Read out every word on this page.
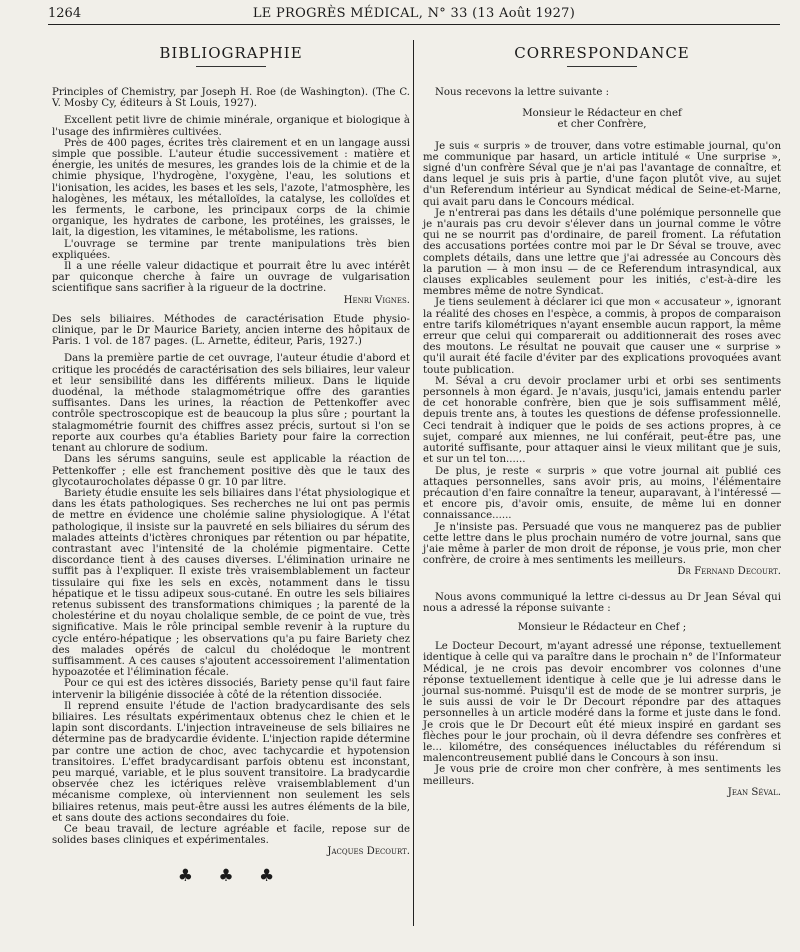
1264	LE PROGRÈS MÉDICAL, N° 33 (13 Août 1927)
BIBLIOGRAPHIE

Principles of Chemistry, par Joseph H. Roe (de Washington). (The C. V. Mosby Cy, éditeurs à St Louis, 1927).

Excellent petit livre de chimie minérale, organique et biologique à l'usage des infirmières cultivées.

Près de 400 pages, écrites très clairement et en un langage aussi simple que possible. L'auteur étudie successivement : matière et énergie, les unités de mesures, les grandes lois de la chimie et de la chimie physique, l'hydrogène, l'oxygène, l'eau, les solutions et l'ionisation, les acides, les bases et les sels, l'azote, l'atmosphère, les halogènes, les métaux, les métalloïdes, la catalyse, les colloïdes et les ferments, le carbone, les principaux corps de la chimie organique, les hydrates de carbone, les protéines, les graisses, le lait, la digestion, les vitamines, le métabolisme, les rations.

L'ouvrage se termine par trente manipulations très bien expliquées.

Il a une réelle valeur didactique et pourrait être lu avec intérêt par quiconque cherche à faire un ouvrage de vulgarisation scientifique sans sacrifier à la rigueur de la doctrine.

Henri Vignes.

Des sels biliaires. Méthodes de caractérisation Etude physio-clinique, par le Dr Maurice Bariety, ancien interne des hôpitaux de Paris. 1 vol. de 187 pages. (L. Arnette, éditeur, Paris, 1927.)

Dans la première partie de cet ouvrage, l'auteur étudie d'abord et critique les procédés de caractérisation des sels biliaires, leur valeur et leur sensibilité dans les différents milieux. Dans le liquide duodénal, la méthode stalagmométrique offre des garanties suffisantes. Dans les urines, la réaction de Pettenkoffer avec contrôle spectroscopique est de beaucoup la plus sûre ; pourtant la stalagmométrie fournit des chiffres assez précis, surtout si l'on se reporte aux courbes qu'a établies Bariety pour faire la correction tenant au chlorure de sodium.

Dans les sérums sanguins, seule est applicable la réaction de Pettenkoffer ; elle est franchement positive dès que le taux des glycotaurocholates dépasse 0 gr. 10 par litre.

Bariety étudie ensuite les sels biliaires dans l'état physiologique et dans les états pathologiques. Ses recherches ne lui ont pas permis de mettre en évidence une cholémie saline physiologique. A l'état pathologique, il insiste sur la pauvreté en sels biliaires du sérum des malades atteints d'ictères chroniques par rétention ou par hépatite, contrastant avec l'intensité de la cholémie pigmentaire. Cette discordance tient à des causes diverses. L'élimination urinaire ne suffit pas à l'expliquer. Il existe très vraisemblablement un facteur tissulaire qui fixe les sels en excès, notamment dans le tissu hépatique et le tissu adipeux sous-cutané. En outre les sels biliaires retenus subissent des transformations chimiques ; la parenté de la cholestérine et du noyau cholalique semble, de ce point de vue, très significative. Mais le rôle principal semble revenir à la rupture du cycle entéro-hépatique ; les observations qu'a pu faire Bariety chez des malades opérés de calcul du cholédoque le montrent suffisamment. A ces causes s'ajoutent accessoirement l'alimentation hypoazotée et l'élimination fécale.

Pour ce qui est des ictères dissociés, Bariety pense qu'il faut faire intervenir la biligénie dissociée à côté de la rétention dissociée.

Il reprend ensuite l'étude de l'action bradycardisante des sels biliaires. Les résultats expérimentaux obtenus chez le chien et le lapin sont discordants. L'injection intraveineuse de sels biliaires ne détermine pas de bradycardie évidente. L'injection rapide détermine par contre une action de choc, avec tachycardie et hypotension transitoires. L'effet bradycardisant parfois obtenu est inconstant, peu marqué, variable, et le plus souvent transitoire. La bradycardie observée chez les ictériques relève vraisemblablement d'un mécanisme complexe, où interviennent non seulement les sels biliaires retenus, mais peut-être aussi les autres éléments de la bile, et sans doute des actions secondaires du foie.

Ce beau travail, de lecture agréable et facile, repose sur de solides bases cliniques et expérimentales.

Jacques Decourt.

♣ ♣ ♣
CORRESPONDANCE

Nous recevons la lettre suivante :

Monsieur le Rédacteur en chef

et cher Confrère,

Je suis « surpris » de trouver, dans votre estimable journal, qu'on me communique par hasard, un article intitulé « Une surprise », signé d'un confrère Séval que je n'ai pas l'avantage de connaître, et dans lequel je suis pris à partie, d'une façon plutôt vive, au sujet d'un Referendum intérieur au Syndicat médical de Seine-et-Marne, qui avait paru dans le Concours médical.

Je n'entrerai pas dans les détails d'une polémique personnelle que je n'aurais pas cru devoir s'élever dans un journal comme le vôtre qui ne se nourrit pas d'ordinaire, de pareil froment. La réfutation des accusations portées contre moi par le Dr Séval se trouve, avec complets détails, dans une lettre que j'ai adressée au Concours dès la parution — à mon insu — de ce Referendum intrasyndical, aux clauses explicables seulement pour les initiés, c'est-à-dire les membres même de notre Syndicat.

Je tiens seulement à déclarer ici que mon « accusateur », ignorant la réalité des choses en l'espèce, a commis, à propos de comparaison entre tarifs kilométriques n'ayant ensemble aucun rapport, la même erreur que celui qui comparerait ou additionnerait des roses avec des moutons. Le résultat ne pouvait que causer une « surprise » qu'il aurait été facile d'éviter par des explications provoquées avant toute publication.

M. Séval a cru devoir proclamer urbi et orbi ses sentiments personnels à mon égard. Je n'avais, jusqu'ici, jamais entendu parler de cet honorable confrère, bien que je sois suffisamment mêlé, depuis trente ans, à toutes les questions de défense professionnelle. Ceci tendrait à indiquer que le poids de ses actions propres, à ce sujet, comparé aux miennes, ne lui conférait, peut-être pas, une autorité suffisante, pour attaquer ainsi le vieux militant que je suis, et sur un tel ton......

De plus, je reste « surpris » que votre journal ait publié ces attaques personnelles, sans avoir pris, au moins, l'élémentaire précaution d'en faire connaître la teneur, auparavant, à l'intéressé — et encore pis, d'avoir omis, ensuite, de même lui en donner connaissance......

Je n'insiste pas. Persuadé que vous ne manquerez pas de publier cette lettre dans le plus prochain numéro de votre journal, sans que j'aie même à parler de mon droit de réponse, je vous prie, mon cher confrère, de croire à mes sentiments les meilleurs.

Dr Fernand Decourt.

Nous avons communiqué la lettre ci-dessus au Dr Jean Séval qui nous a adressé la réponse suivante :

Monsieur le Rédacteur en Chef ;

Le Docteur Decourt, m'ayant adressé une réponse, textuellement identique à celle qui va paraître dans le prochain n° de l'Informateur Médical, je ne crois pas devoir encombrer vos colonnes d'une réponse textuellement identique à celle que je lui adresse dans le journal sus-nommé. Puisqu'il est de mode de se montrer surpris, je le suis aussi de voir le Dr Decourt répondre par des attaques personnelles à un article modéré dans la forme et juste dans le fond. Je crois que le Dr Decourt eût été mieux inspiré en gardant ses flèches pour le jour prochain, où il devra défendre ses confrères et le... kilométre, des conséquences inéluctables du référendum si malencontreusement publié dans le Concours à son insu.

Je vous prie de croire mon cher confrère, à mes sentiments les meilleurs.

Jean Séval.
